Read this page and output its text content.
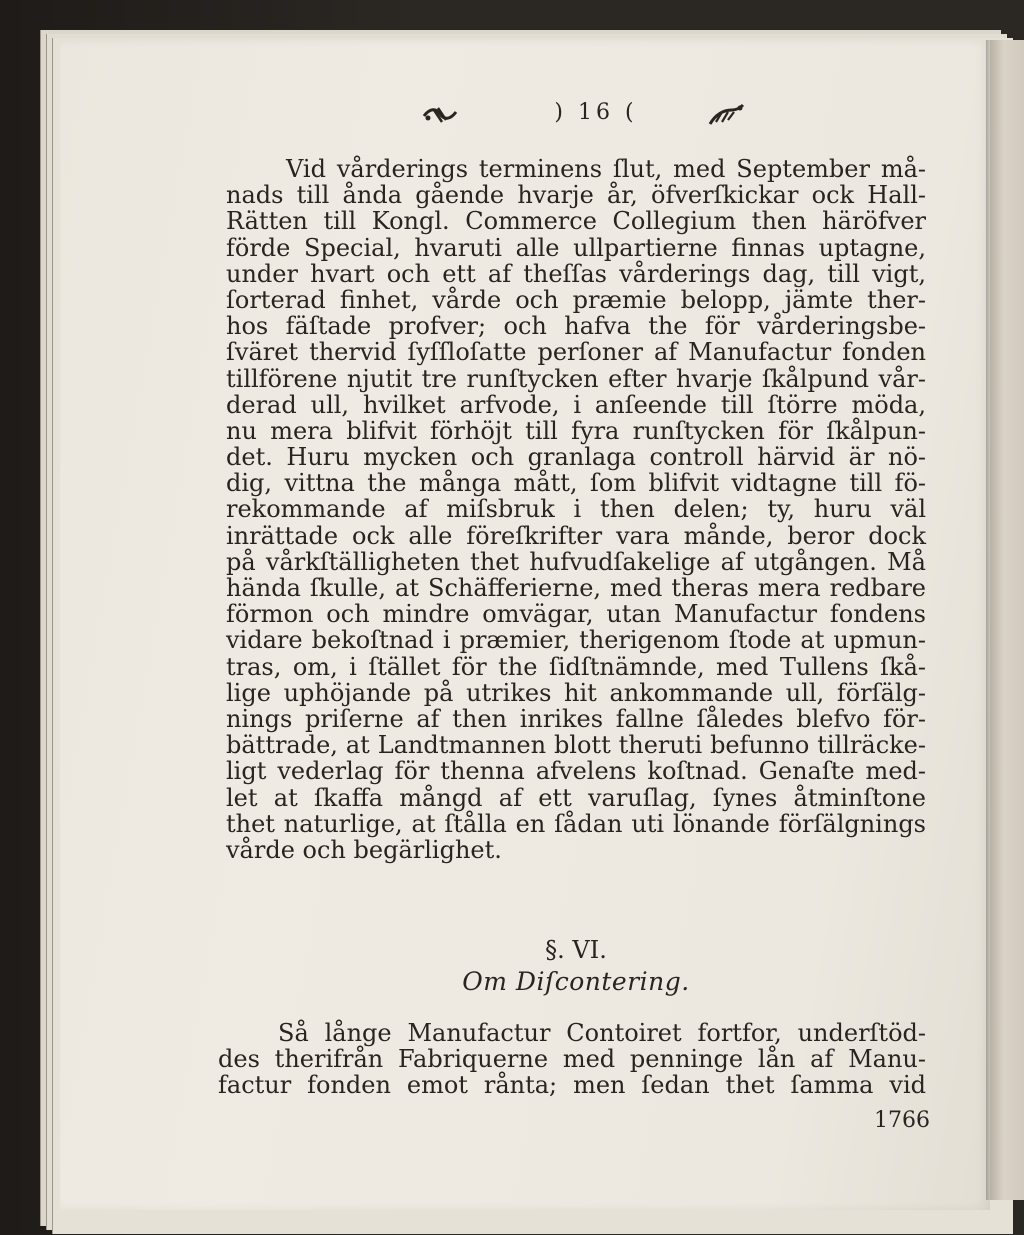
) 16 (
Vid vårderings terminens ſlut, med September må-
nads till ånda gående hvarje år, öfverſkickar ock Hall-
Rätten till Kongl. Commerce Collegium then häröfver
förde Special, hvaruti alle ullpartierne finnas uptagne,
under hvart och ett af theſſas vårderings dag, till vigt,
ſorterad finhet, vårde och præmie belopp, jämte ther-
hos fäſtade profver; och hafva the för vårderingsbe-
ſväret thervid ſyſſloſatte perſoner af Manufactur fonden
tillförene njutit tre runſtycken efter hvarje ſkålpund vår-
derad ull, hvilket arfvode, i anſeende till ſtörre möda,
nu mera blifvit förhöjt till fyra runſtycken för ſkålpun-
det. Huru mycken och granlaga controll härvid är nö-
dig, vittna the många mått, ſom blifvit vidtagne till fö-
rekommande af miſsbruk i then delen; ty, huru väl
inrättade ock alle föreſkrifter vara månde, beror dock
på vårkſtälligheten thet hufvudſakelige af utgången. Må
hända ſkulle, at Schäfferierne, med theras mera redbare
förmon och mindre omvägar, utan Manufactur fondens
vidare bekoſtnad i præmier, therigenom ſtode at upmun-
tras, om, i ſtället för the ſidſtnämnde, med Tullens ſkå-
lige uphöjande på utrikes hit ankommande ull, förſälg-
nings priſerne af then inrikes fallne ſåledes blefvo för-
bättrade, at Landtmannen blott theruti befunno tillräcke-
ligt vederlag för thenna afvelens koſtnad. Genaſte med-
let at ſkaffa mångd af ett varuſlag, ſynes åtminſtone
thet naturlige, at ſtålla en ſådan uti lönande förſälgnings
vårde och begärlighet.
§. VI.
Om Diſcontering.
Så långe Manufactur Contoiret fortfor, underſtöd-
des therifrån Fabriquerne med penninge lån af Manu-
factur fonden emot rånta; men ſedan thet ſamma vid
1766
